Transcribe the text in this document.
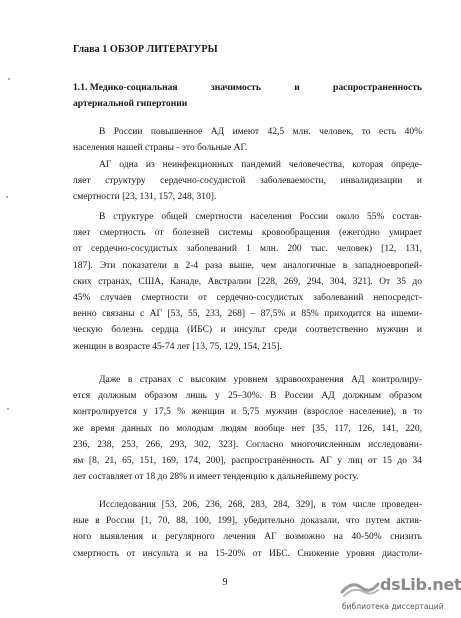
Глава 1 ОБЗОР ЛИТЕРАТУРЫ
1.1. Медико-социальная	значимость	и	распространенность
артериальной гипертонии
В России повышенное АД имеют 42,5 млн. человек, то есть 40%
населения нашей страны - это больные АГ.
АГ одна из неинфекционных пандемий человечества, которая опреде-
ляет структуру сердечно-сосудистой заболеваемости, инвалидизации и
смертности [23, 131, 157, 248, 310].
В структуре общей смертности населения России около 55% состав-
ляет смертность от болезней системы кровообращения (ежегодно умирает
от сердечно-сосудистых заболеваний 1 млн. 200 тыс. человек) [12, 131,
187]. Эти показатели в 2-4 раза выше, чем аналогичные в западноевропей-
ских странах, США, Канаде, Австралии [228, 269, 294, 304, 321]. От 35 до
45% случаев смертности от сердечно-сосудистых заболеваний непосредст-
венно связаны с АГ [53, 55, 233, 268] – 87,5% и 85% приходится на ишеми-
ческую болезнь сердца (ИБС) и инсульт среди соответственно мужчин и
женщин в возрасте 45-74 лет [13, 75, 129, 154, 215].
Даже в странах с высоким уровнем здравоохранения АД контролиру-
ется должным образом лишь у 25–30%. В России АД должным образом
контролируется у 17,5 % женщин и 5,75 мужчин (взрослое население), в то
же время данных по молодым людям вообще нет [35, 117, 126, 141, 220,
236, 238, 253, 266, 293, 302, 323]. Согласно многочисленным исследовани-
ям [8, 21, 65, 151, 169, 174, 200], распространённость АГ у лиц от 15 до 34
лет составляет от 18 до 28% и имеет тенденцию к дальнейшему росту.
Исследования [53, 206, 236, 268, 283, 284, 329], в том числе проведен-
ные в России [1, 70, 88, 100, 199], убедительно доказали, что путем актив-
ного выявления и регулярного лечения АГ возможно на 40-50% снизить
смертность от инсульта и на 15-20% от ИБС. Снижение уровня диастоли-
9	dsLib.net
библиотека диссертаций
